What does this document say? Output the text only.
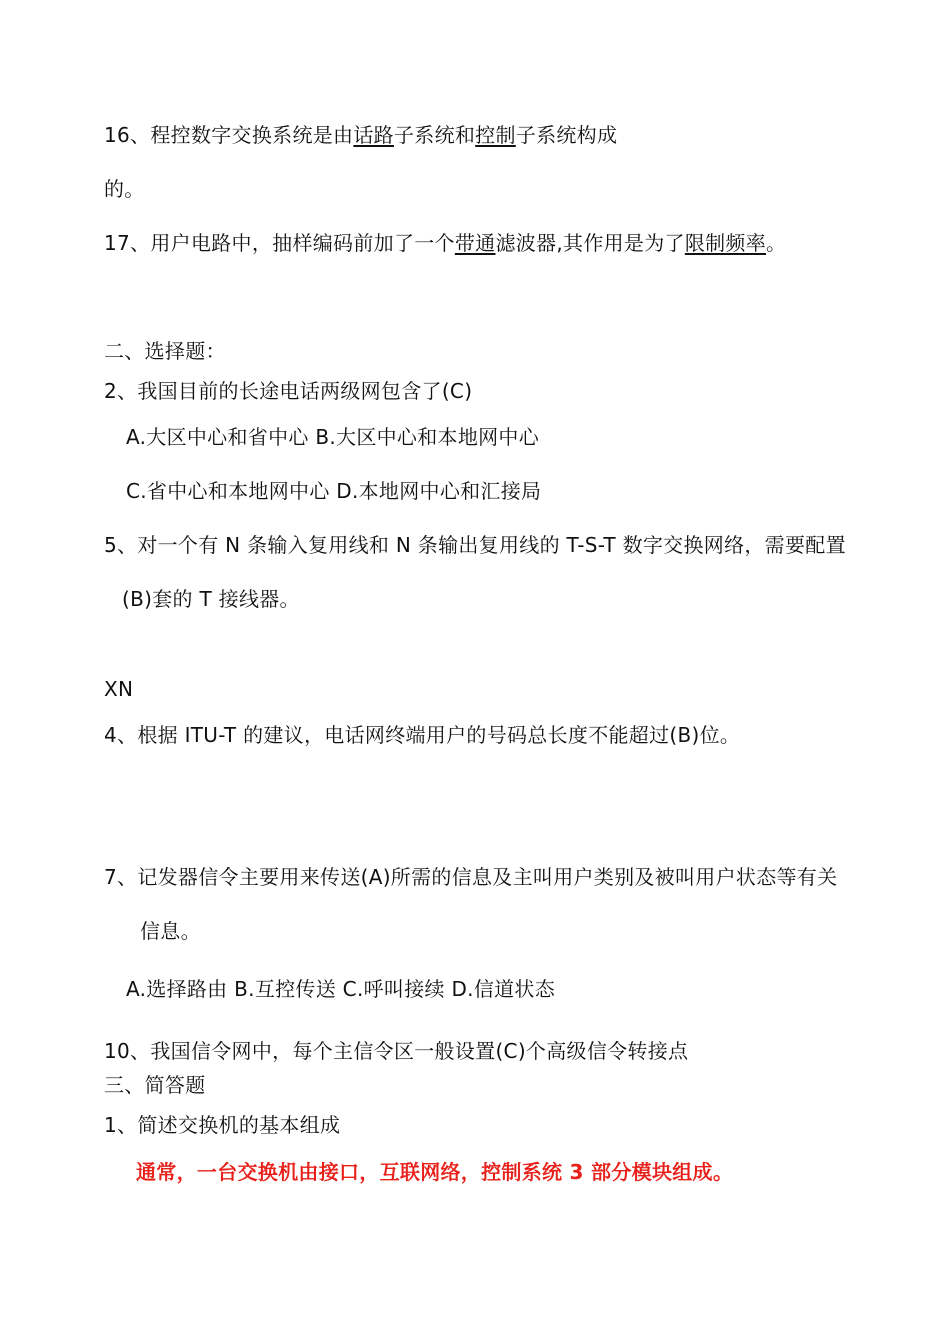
16、程控数字交换系统是由话路子系统和控制子系统构成
的。
17、用户电路中，抽样编码前加了一个带通滤波器,其作用是为了限制频率。
二、选择题：
2、我国目前的长途电话两级网包含了(C)
A.大区中心和省中心 B.大区中心和本地网中心
C.省中心和本地网中心 D.本地网中心和汇接局
5、对一个有 N 条输入复用线和 N 条输出复用线的 T-S-T 数字交换网络，需要配置
(B)套的 T 接线器。
XN
4、根据 ITU-T 的建议，电话网终端用户的号码总长度不能超过(B)位。
7、记发器信令主要用来传送(A)所需的信息及主叫用户类别及被叫用户状态等有关
信息。
A.选择路由 B.互控传送 C.呼叫接续 D.信道状态
10、我国信令网中，每个主信令区一般设置(C)个高级信令转接点
三、简答题
1、简述交换机的基本组成
通常，一台交换机由接口，互联网络，控制系统 3 部分模块组成。
